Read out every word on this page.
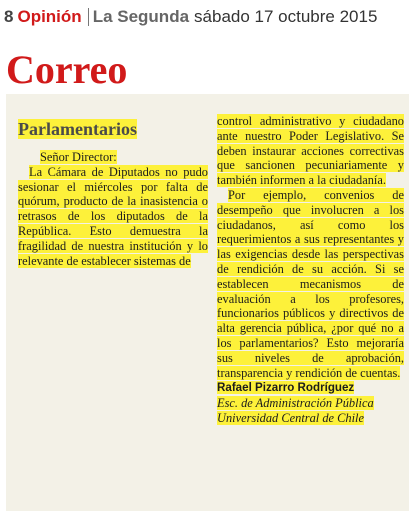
8 Opinión La Segunda sábado 17 octubre 2015
Correo
Parlamentarios

Señor Director:

La Cámara de Diputados no pudo sesionar el miércoles por falta de quórum, producto de la inasistencia o retrasos de los diputados de la República. Esto demuestra la fragilidad de nuestra institución y lo relevante de establecer sistemas de

control administrativo y ciudadano ante nuestro Poder Legislativo. Se deben instaurar acciones correctivas que sancionen pecuniariamente y también informen a la ciudadanía.

Por ejemplo, convenios de desempeño que involucren a los ciudadanos, así como los requerimientos a sus representantes y las exigencias desde las perspectivas de rendición de su acción. Si se establecen mecanismos de evaluación a los profesores, funcionarios públicos y directivos de alta gerencia pública, ¿por qué no a los parlamentarios? Esto mejoraría sus niveles de aprobación, transparencia y rendición de cuentas.

Rafael Pizarro Rodríguez
Esc. de Administración Pública
Universidad Central de Chile
